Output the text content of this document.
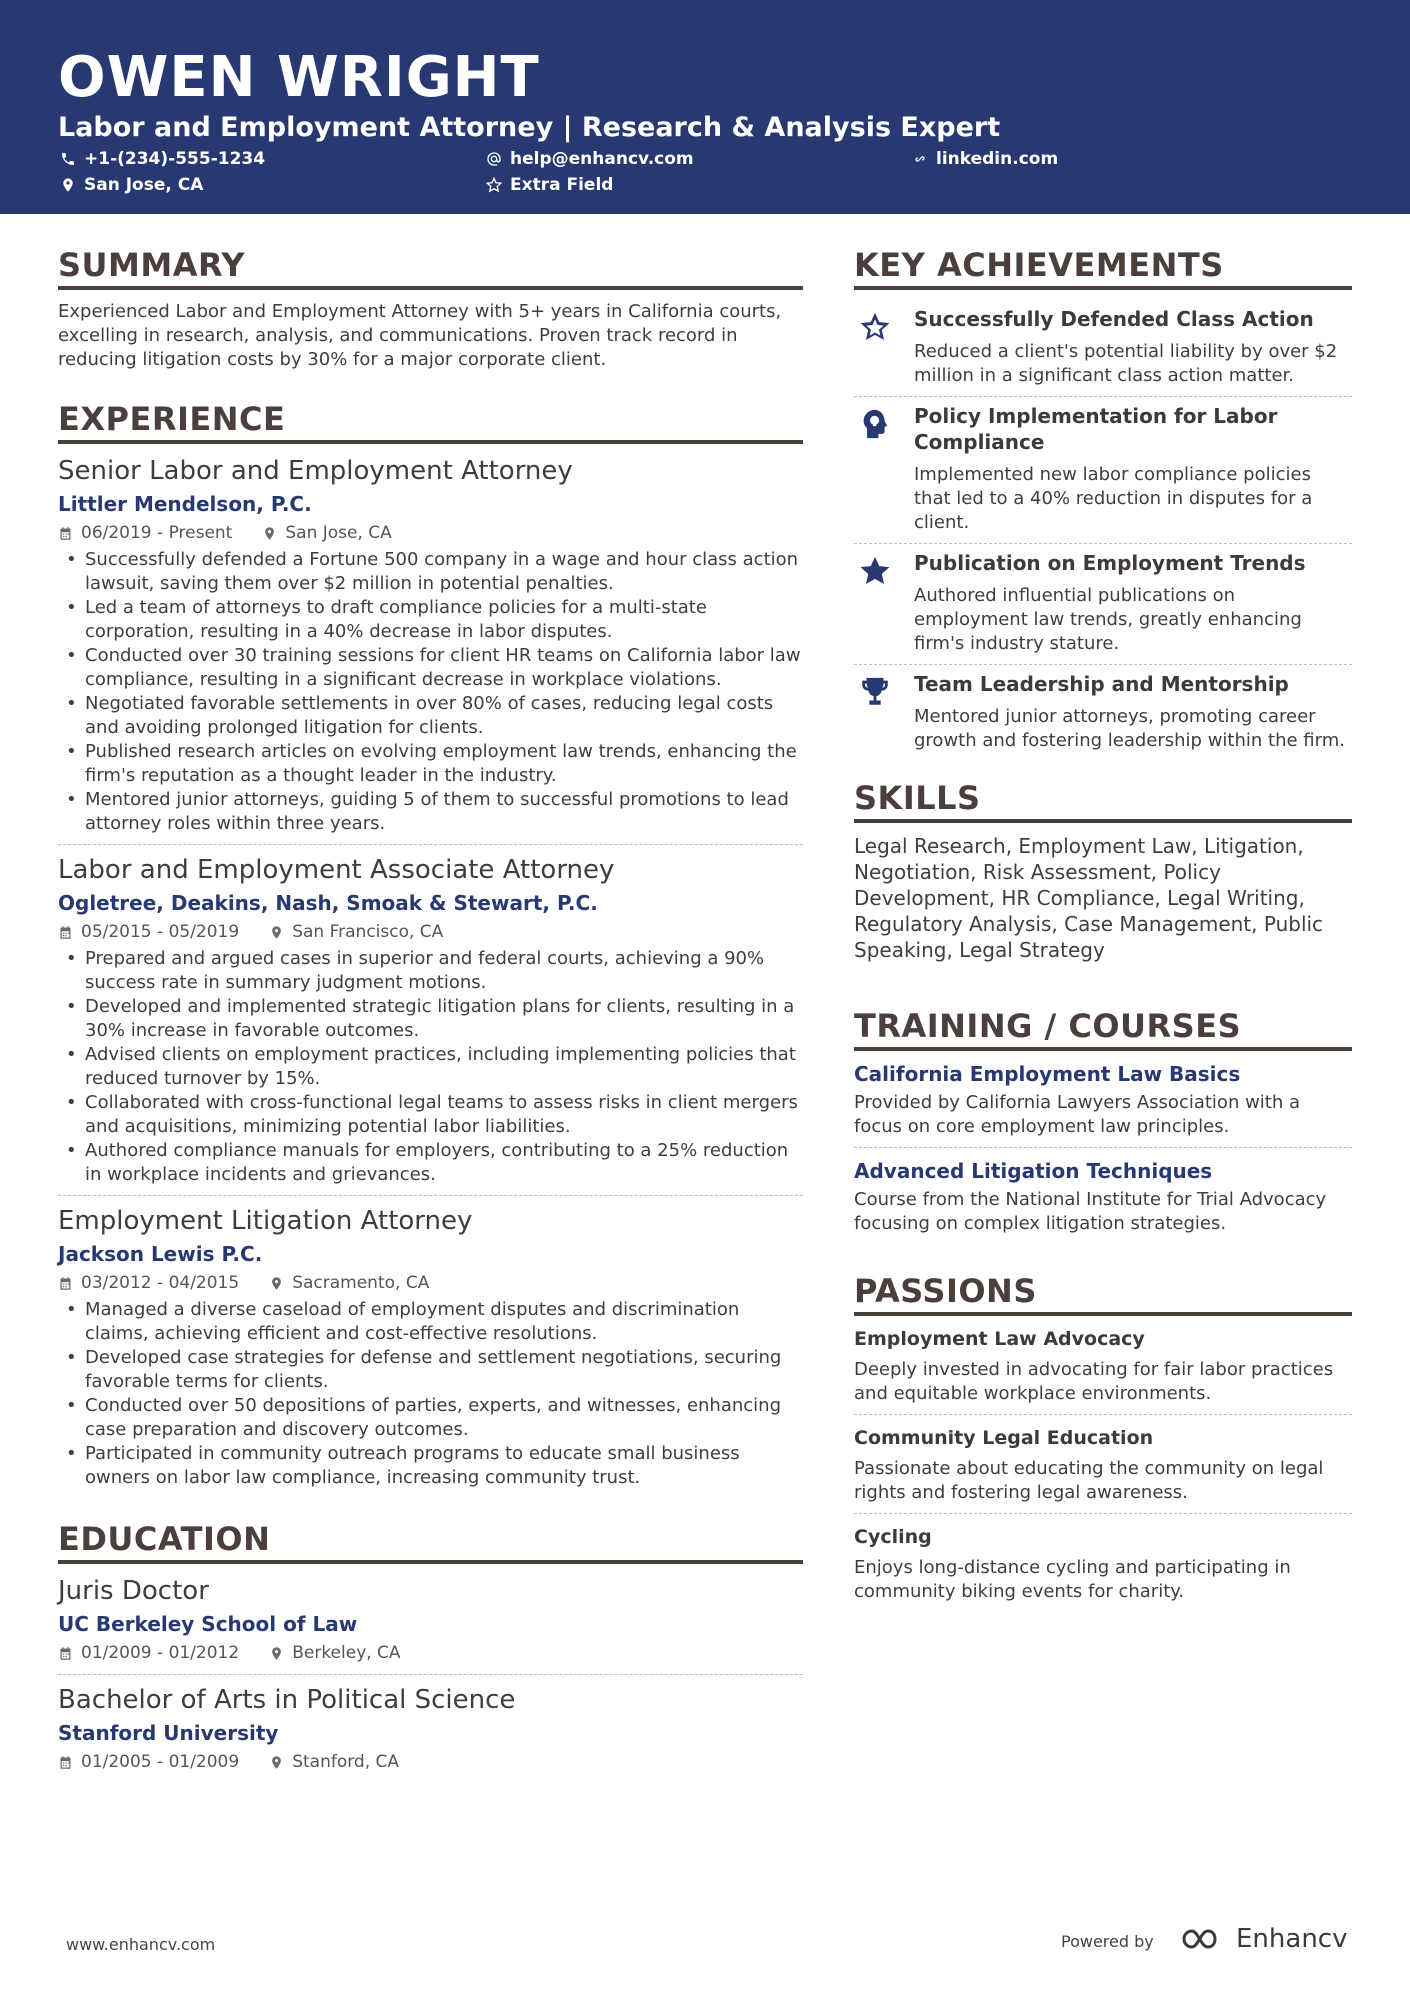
OWEN WRIGHT
Labor and Employment Attorney | Research & Analysis Expert
+1-(234)-555-1234	help@enhancv.com	linkedin.com
San Jose, CA	Extra Field
SUMMARY
Experienced Labor and Employment Attorney with 5+ years in California courts, excelling in research, analysis, and communications. Proven track record in reducing litigation costs by 30% for a major corporate client.
EXPERIENCE
Senior Labor and Employment Attorney
Littler Mendelson, P.C.
06/2019 - Present	San Jose, CA
• Successfully defended a Fortune 500 company in a wage and hour class action lawsuit, saving them over $2 million in potential penalties.
• Led a team of attorneys to draft compliance policies for a multi-state corporation, resulting in a 40% decrease in labor disputes.
• Conducted over 30 training sessions for client HR teams on California labor law compliance, resulting in a significant decrease in workplace violations.
• Negotiated favorable settlements in over 80% of cases, reducing legal costs and avoiding prolonged litigation for clients.
• Published research articles on evolving employment law trends, enhancing the firm's reputation as a thought leader in the industry.
• Mentored junior attorneys, guiding 5 of them to successful promotions to lead attorney roles within three years.
Labor and Employment Associate Attorney
Ogletree, Deakins, Nash, Smoak & Stewart, P.C.
05/2015 - 05/2019	San Francisco, CA
• Prepared and argued cases in superior and federal courts, achieving a 90% success rate in summary judgment motions.
• Developed and implemented strategic litigation plans for clients, resulting in a 30% increase in favorable outcomes.
• Advised clients on employment practices, including implementing policies that reduced turnover by 15%.
• Collaborated with cross-functional legal teams to assess risks in client mergers and acquisitions, minimizing potential labor liabilities.
• Authored compliance manuals for employers, contributing to a 25% reduction in workplace incidents and grievances.
Employment Litigation Attorney
Jackson Lewis P.C.
03/2012 - 04/2015	Sacramento, CA
• Managed a diverse caseload of employment disputes and discrimination claims, achieving efficient and cost-effective resolutions.
• Developed case strategies for defense and settlement negotiations, securing favorable terms for clients.
• Conducted over 50 depositions of parties, experts, and witnesses, enhancing case preparation and discovery outcomes.
• Participated in community outreach programs to educate small business owners on labor law compliance, increasing community trust.
EDUCATION
Juris Doctor
UC Berkeley School of Law
01/2009 - 01/2012	Berkeley, CA
Bachelor of Arts in Political Science
Stanford University
01/2005 - 01/2009	Stanford, CA
KEY ACHIEVEMENTS
Successfully Defended Class Action
Reduced a client's potential liability by over $2 million in a significant class action matter.
Policy Implementation for Labor Compliance
Implemented new labor compliance policies that led to a 40% reduction in disputes for a client.
Publication on Employment Trends
Authored influential publications on employment law trends, greatly enhancing firm's industry stature.
Team Leadership and Mentorship
Mentored junior attorneys, promoting career growth and fostering leadership within the firm.
SKILLS
Legal Research, Employment Law, Litigation, Negotiation, Risk Assessment, Policy Development, HR Compliance, Legal Writing, Regulatory Analysis, Case Management, Public Speaking, Legal Strategy
TRAINING / COURSES
California Employment Law Basics
Provided by California Lawyers Association with a focus on core employment law principles.
Advanced Litigation Techniques
Course from the National Institute for Trial Advocacy focusing on complex litigation strategies.
PASSIONS
Employment Law Advocacy
Deeply invested in advocating for fair labor practices and equitable workplace environments.
Community Legal Education
Passionate about educating the community on legal rights and fostering legal awareness.
Cycling
Enjoys long-distance cycling and participating in community biking events for charity.
www.enhancv.com	Powered by	Enhancv
